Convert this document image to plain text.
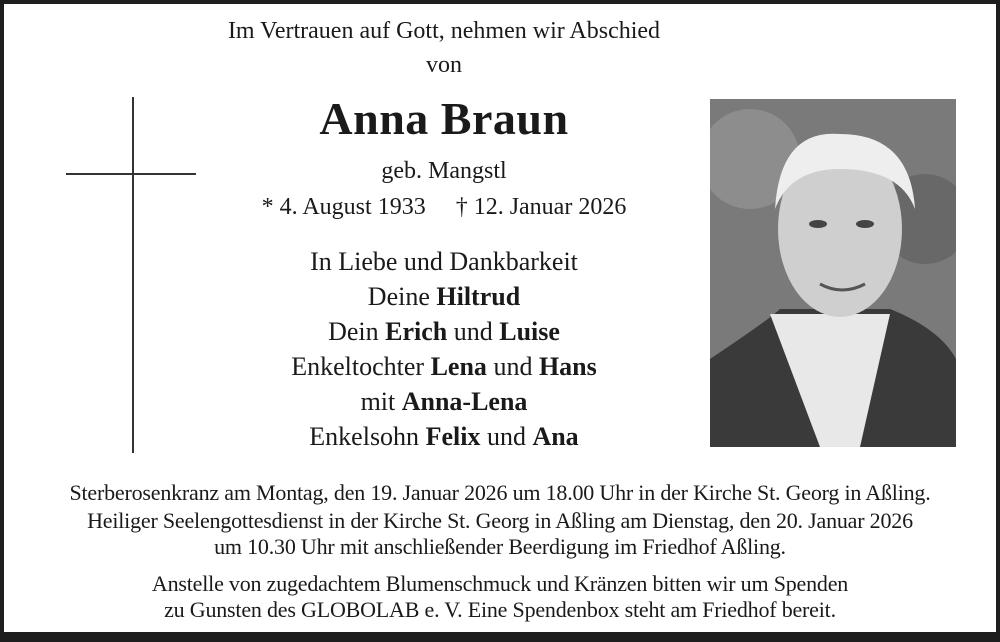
Im Vertrauen auf Gott, nehmen wir Abschied
von
Anna Braun
geb. Mangstl
* 4. August 1933 † 12. Januar 2026
In Liebe und Dankbarkeit
Deine Hiltrud
Dein Erich und Luise
Enkeltochter Lena und Hans
mit Anna-Lena
Enkelsohn Felix und Ana
Sterberosenkranz am Montag, den 19. Januar 2026 um 18.00 Uhr in der Kirche St. Georg in Aßling.
Heiliger Seelengottesdienst in der Kirche St. Georg in Aßling am Dienstag, den 20. Januar 2026
um 10.30 Uhr mit anschließender Beerdigung im Friedhof Aßling.
Anstelle von zugedachtem Blumenschmuck und Kränzen bitten wir um Spenden
zu Gunsten des GLOBOLAB e. V. Eine Spendenbox steht am Friedhof bereit.
